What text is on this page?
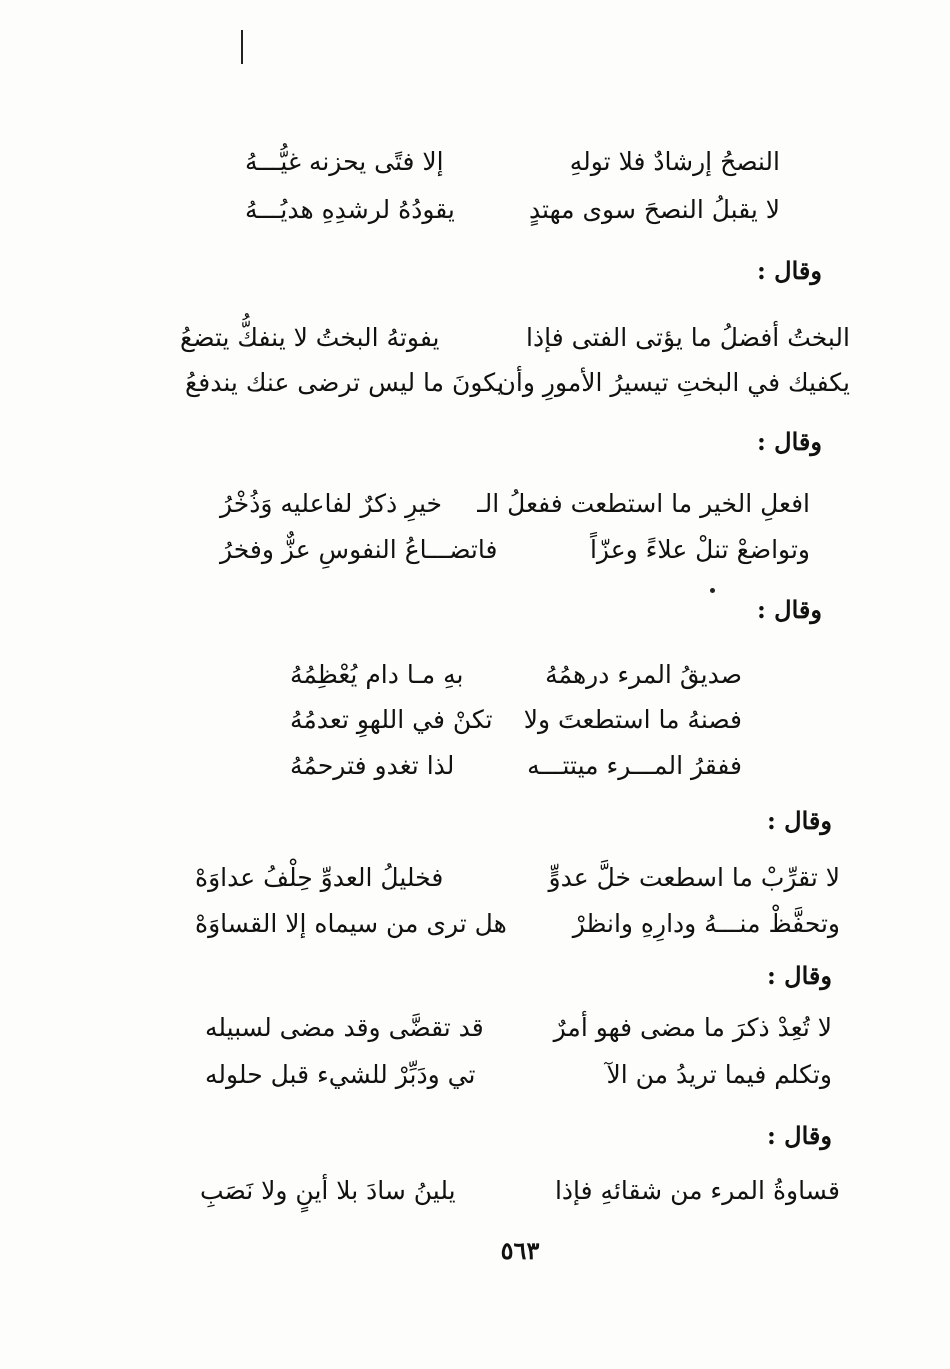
النصحُ إرشادٌ فلا تولهِ
إلا فتًى يحزنه غيُّـــهُ
لا يقبلُ النصحَ سوى مهتدٍ
يقودُهُ لرشدِهِ هديُـــهُ
وقال :
البختُ أفضلُ ما يؤتى الفتى فإذا
يفوتهُ البختُ لا ينفكُّ يتضعُ
يكفيك في البختِ تيسيرُ الأمورِ وأن
يكونَ ما ليس ترضى عنك يندفعُ
وقال :
افعلِ الخير ما استطعت ففعلُ الـ
خيرِ ذكرٌ لفاعليه وَذُخْرُ
وتواضعْ تنلْ علاءً وعزّاً
فاتضـــاعُ النفوسِ عزٌّ وفخرُ
وقال :
صديقُ المرء درهمُهُ
بهِ مـا دام يُعْظِمُهُ
فصنهُ ما استطعتَ ولا
تكنْ في اللهوِ تعدمُهُ
ففقرُ المـــرء ميتتـــه
لذا تغدو فترحمُهُ
وقال :
لا تقرِّبْ ما اسطعت خلَّ عدوٍّ
فخليلُ العدوِّ حِلْفُ عداوَهْ
وتحفَّظْ منـــهُ ودارِهِ وانظرْ
هل ترى من سيماه إلا القساوَهْ
وقال :
لا تُعِدْ ذكرَ ما مضى فهو أمرٌ
قد تقضَّى وقد مضى لسبيله
وتكلم فيما تريدُ من الآ
تي ودَبِّرْ للشيء قبل حلوله
وقال :
قساوةُ المرء من شقائهِ فإذا
يلينُ سادَ بلا أينٍ ولا نَصَبِ
٥٦٣
